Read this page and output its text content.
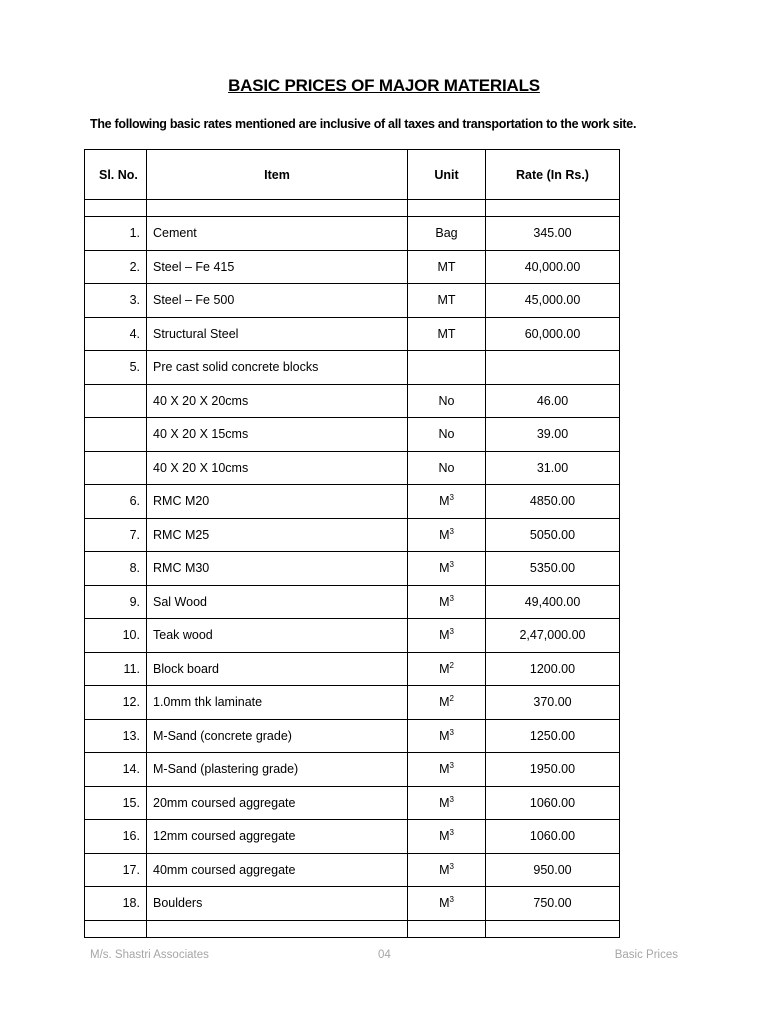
BASIC PRICES OF MAJOR MATERIALS
The following basic rates mentioned are inclusive of all taxes and transportation to the work site.
Sl. No.	Item	Unit	Rate (In Rs.)

1.	Cement	Bag	345.00
2.	Steel – Fe 415	MT	40,000.00
3.	Steel – Fe 500	MT	45,000.00
4.	Structural Steel	MT	60,000.00
5.	Pre cast solid concrete blocks		
	40 X 20 X 20cms	No	46.00
	40 X 20 X 15cms	No	39.00
	40 X 20 X 10cms	No	31.00
6.	RMC M20	$M^3$	4850.00
7.	RMC M25	$M^3$	5050.00
8.	RMC M30	$M^3$	5350.00
9.	Sal Wood	$M^3$	49,400.00
10.	Teak wood	$M^3$	2,47,000.00
11.	Block board	$M^2$	1200.00
12.	1.0mm thk laminate	$M^2$	370.00
13.	M-Sand (concrete grade)	$M^3$	1250.00
14.	M-Sand (plastering grade)	$M^3$	1950.00
15.	20mm coursed aggregate	$M^3$	1060.00
16.	12mm coursed aggregate	$M^3$	1060.00
17.	40mm coursed aggregate	$M^3$	950.00
18.	Boulders	$M^3$	750.00

M/s. Shastri Associates	04	Basic Prices
